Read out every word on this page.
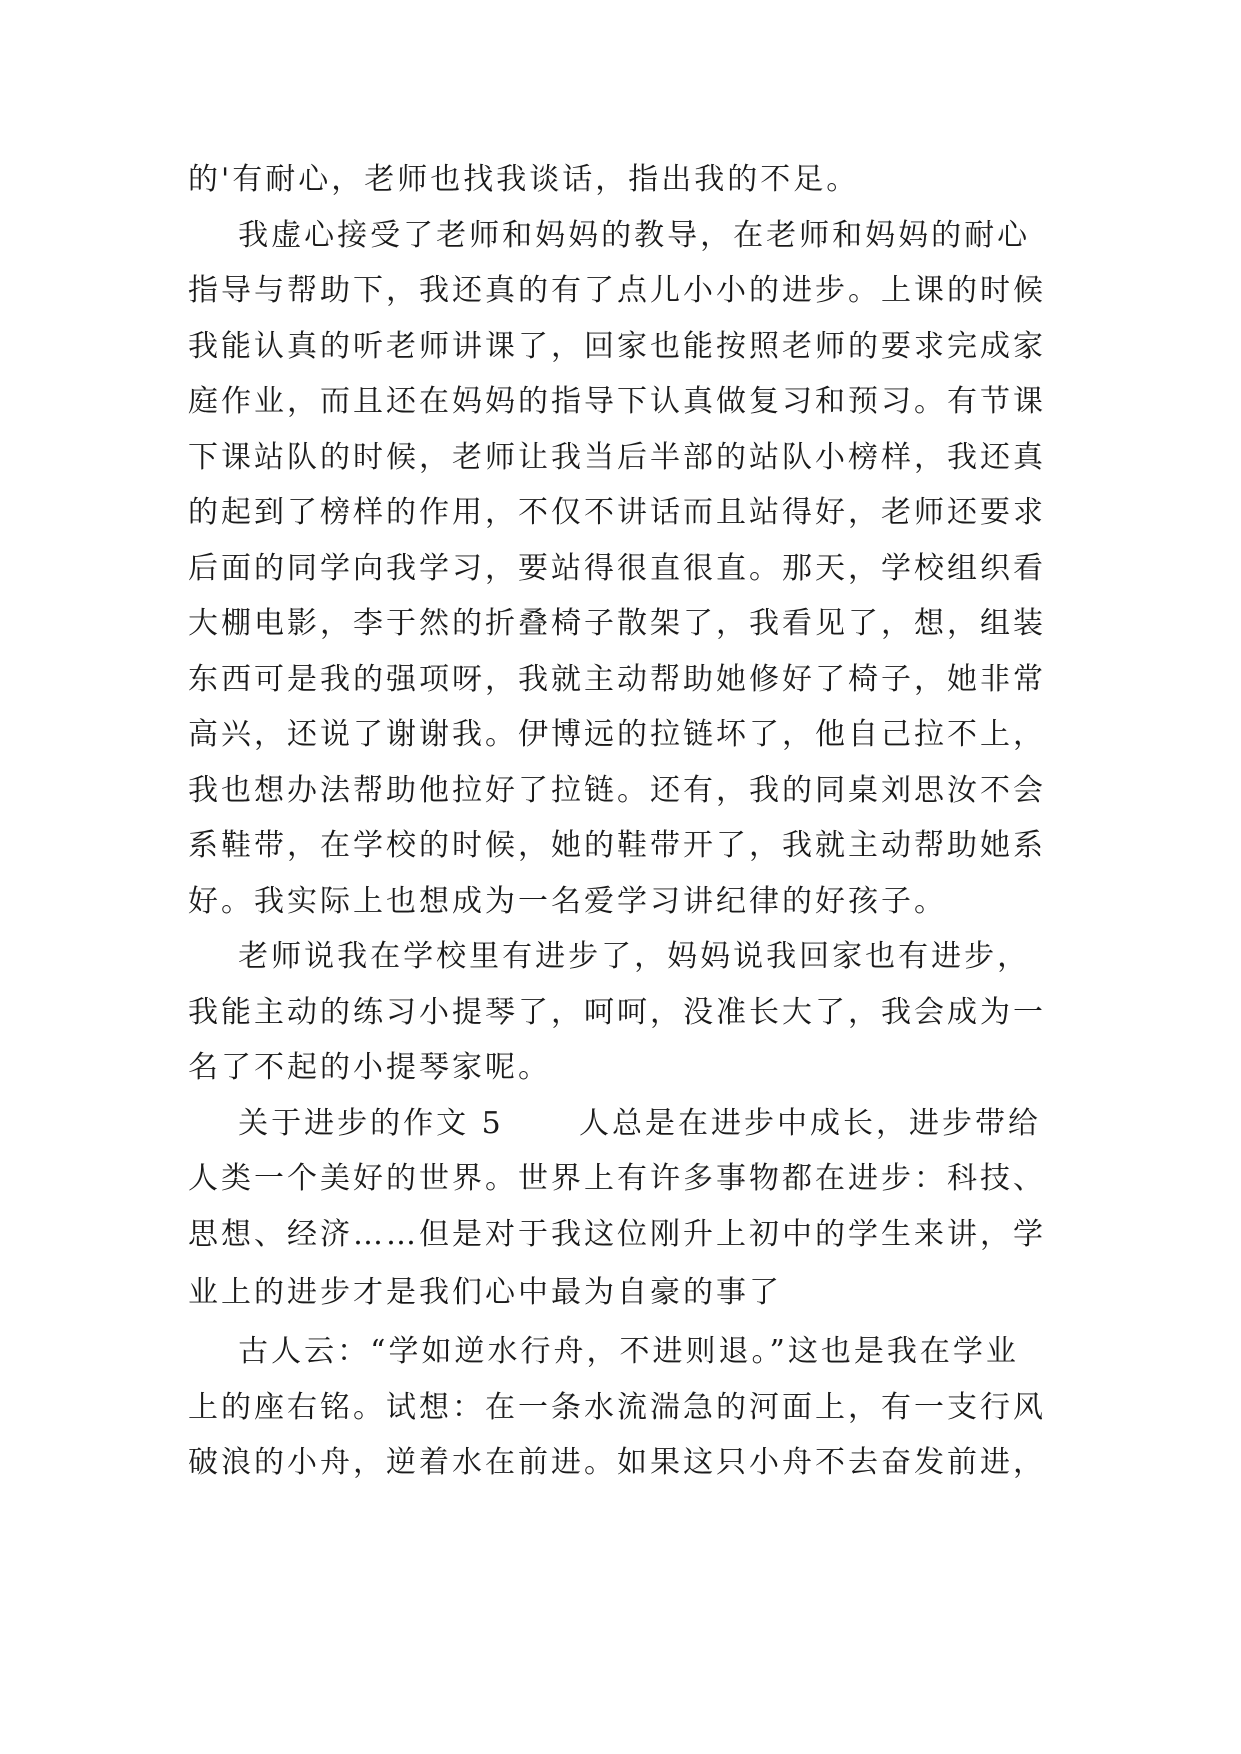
的'有耐心，老师也找我谈话，指出我的不足。
我虚心接受了老师和妈妈的教导，在老师和妈妈的耐心
指导与帮助下，我还真的有了点儿小小的进步。上课的时候
我能认真的听老师讲课了，回家也能按照老师的要求完成家
庭作业，而且还在妈妈的指导下认真做复习和预习。有节课
下课站队的时候，老师让我当后半部的站队小榜样，我还真
的起到了榜样的作用，不仅不讲话而且站得好，老师还要求
后面的同学向我学习，要站得很直很直。那天，学校组织看
大棚电影，李于然的折叠椅子散架了，我看见了，想，组装
东西可是我的强项呀，我就主动帮助她修好了椅子，她非常
高兴，还说了谢谢我。伊博远的拉链坏了，他自己拉不上，
我也想办法帮助他拉好了拉链。还有，我的同桌刘思汝不会
系鞋带，在学校的时候，她的鞋带开了，我就主动帮助她系
好。我实际上也想成为一名爱学习讲纪律的好孩子。
老师说我在学校里有进步了，妈妈说我回家也有进步，
我能主动的练习小提琴了，呵呵，没准长大了，我会成为一
名了不起的小提琴家呢。
关于进步的作文 5      人总是在进步中成长，进步带给
人类一个美好的世界。世界上有许多事物都在进步：科技、
思想、经济……但是对于我这位刚升上初中的学生来讲，学
业上的进步才是我们心中最为自豪的事了
古人云：“学如逆水行舟，不进则退。”这也是我在学业
上的座右铭。试想：在一条水流湍急的河面上，有一支行风
破浪的小舟，逆着水在前进。如果这只小舟不去奋发前进，
